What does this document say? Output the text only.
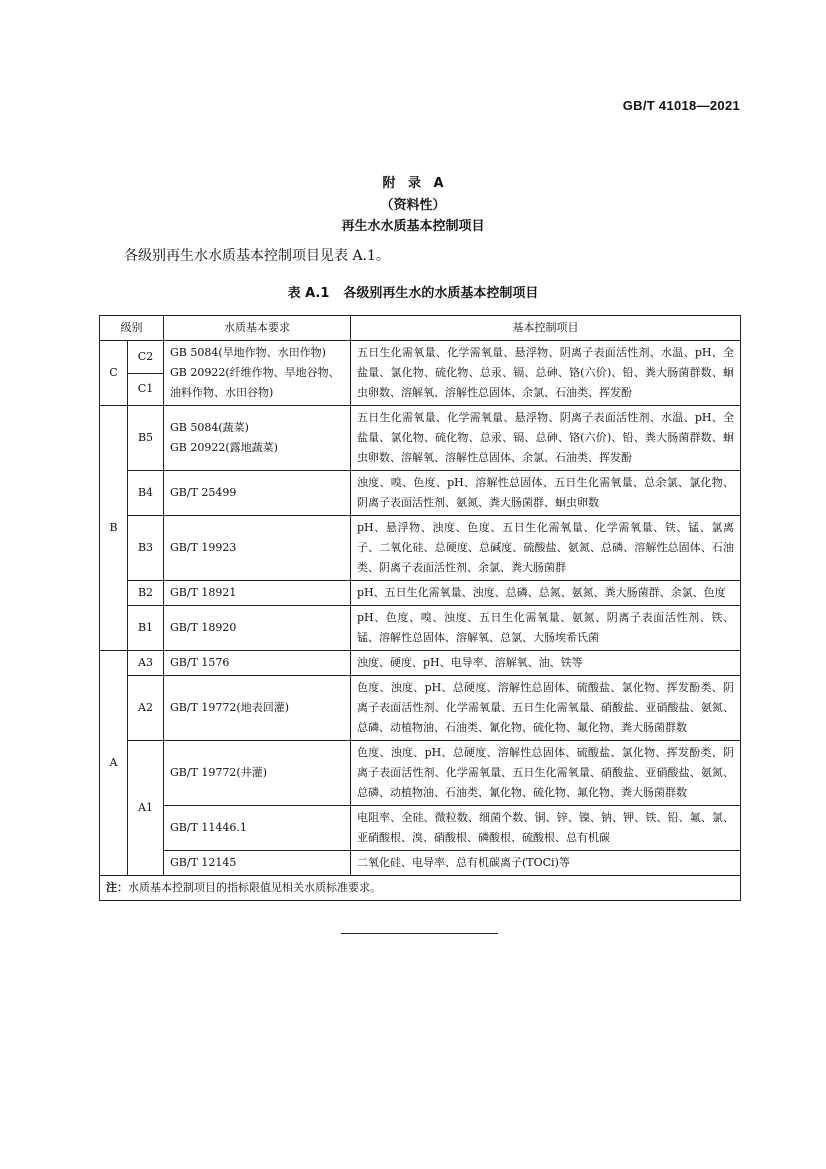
GB/T 41018—2021
附 录 A
（资料性）
再生水水质基本控制项目
各级别再生水水质基本控制项目见表 A.1。
表 A.1 各级别再生水的水质基本控制项目
级别		水质基本要求	基本控制项目
C	C2	GB 5084(旱地作物、水田作物)
GB 20922(纤维作物、旱地谷物、
油料作物、水田谷物)	五日生化需氧量、化学需氧量、悬浮物、阴离子表面活性剂、水温、pH、全盐量、氯化物、硫化物、总汞、镉、总砷、铬(六价)、铅、粪大肠菌群数、蛔虫卵数、溶解氧、溶解性总固体、余氯、石油类、挥发酚
	C1		
B	B5	GB 5084(蔬菜)
GB 20922(露地蔬菜)	五日生化需氧量、化学需氧量、悬浮物、阴离子表面活性剂、水温、pH、全盐量、氯化物、硫化物、总汞、镉、总砷、铬(六价)、铅、粪大肠菌群数、蛔虫卵数、溶解氧、溶解性总固体、余氯、石油类、挥发酚
	B4	GB/T 25499	浊度、嗅、色度、pH、溶解性总固体、五日生化需氧量、总余氯、氯化物、阴离子表面活性剂、氨氮、粪大肠菌群、蛔虫卵数
	B3	GB/T 19923	pH、悬浮物、浊度、色度、五日生化需氧量、化学需氧量、铁、锰、氯离子、二氧化硅、总硬度、总碱度、硫酸盐、氨氮、总磷、溶解性总固体、石油类、阴离子表面活性剂、余氯、粪大肠菌群
	B2	GB/T 18921	pH、五日生化需氧量、浊度、总磷、总氮、氨氮、粪大肠菌群、余氯、色度
	B1	GB/T 18920	pH、色度、嗅、浊度、五日生化需氧量、氨氮、阴离子表面活性剂、铁、锰、溶解性总固体、溶解氧、总氯、大肠埃希氏菌
A	A3	GB/T 1576	浊度、硬度、pH、电导率、溶解氧、油、铁等
	A2	GB/T 19772(地表回灌)	色度、浊度、pH、总硬度、溶解性总固体、硫酸盐、氯化物、挥发酚类、阴离子表面活性剂、化学需氧量、五日生化需氧量、硝酸盐、亚硝酸盐、氨氮、总磷、动植物油、石油类、氰化物、硫化物、氟化物、粪大肠菌群数
	A1	GB/T 19772(井灌)	色度、浊度、pH、总硬度、溶解性总固体、硫酸盐、氯化物、挥发酚类、阴离子表面活性剂、化学需氧量、五日生化需氧量、硝酸盐、亚硝酸盐、氨氮、总磷、动植物油、石油类、氰化物、硫化物、氟化物、粪大肠菌群数
		GB/T 11446.1	电阻率、全硅、微粒数、细菌个数、铜、锌、镍、钠、钾、铁、铅、氟、氯、亚硝酸根、溴、硝酸根、磷酸根、硫酸根、总有机碳
		GB/T 12145	二氧化硅、电导率、总有机碳离子(TOCi)等
注：水质基本控制项目的指标限值见相关水质标准要求。			
